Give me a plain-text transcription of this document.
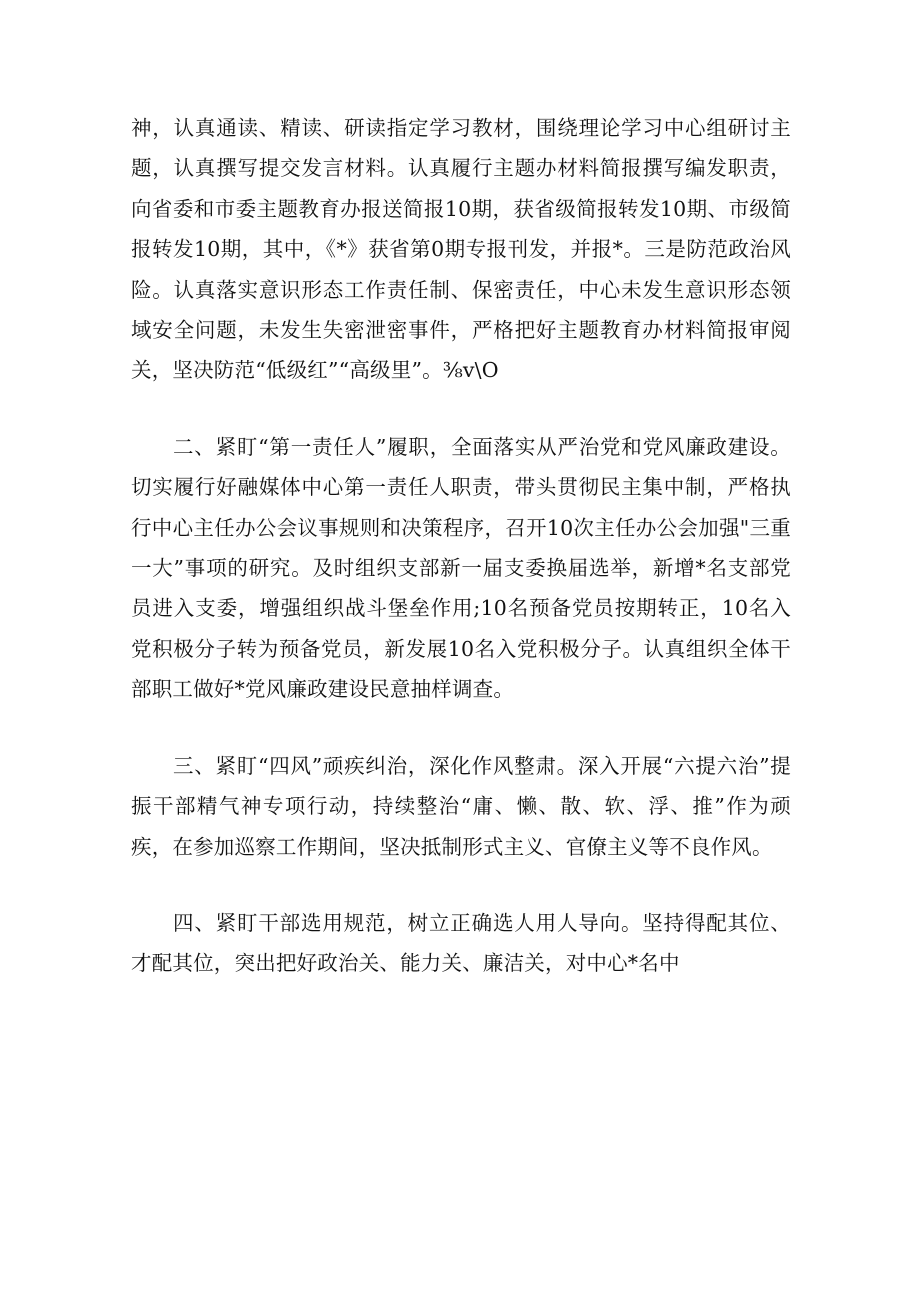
神，认真通读、精读、研读指定学习教材，围绕理论学习中心组研讨主题，认真撰写提交发言材料。认真履行主题办材料简报撰写编发职责，向省委和市委主题教育办报送简报10期，获省级简报转发10期、市级简报转发10期，其中，《*》获省第0期专报刊发，并报*。三是防范政治风险。认真落实意识形态工作责任制、保密责任，中心未发生意识形态领域安全问题，未发生失密泄密事件，严格把好主题教育办材料简报审阅关，坚决防范“低级红”“高级里”。⅜v\O

二、紧盯“第一责任人”履职，全面落实从严治党和党风廉政建设。切实履行好融媒体中心第一责任人职责，带头贯彻民主集中制，严格执行中心主任办公会议事规则和决策程序，召开10次主任办公会加强"三重一大”事项的研究。及时组织支部新一届支委换届选举，新增*名支部党员进入支委，增强组织战斗堡垒作用;10名预备党员按期转正，10名入党积极分子转为预备党员，新发展10名入党积极分子。认真组织全体干部职工做好*党风廉政建设民意抽样调查。

三、紧盯“四风”顽疾纠治，深化作风整肃。深入开展“六提六治”提振干部精气神专项行动，持续整治“庸、懒、散、软、浮、推”作为顽疾，在参加巡察工作期间，坚决抵制形式主义、官僚主义等不良作风。

四、紧盯干部选用规范，树立正确选人用人导向。坚持得配其位、才配其位，突出把好政治关、能力关、廉洁关，对中心*名中
